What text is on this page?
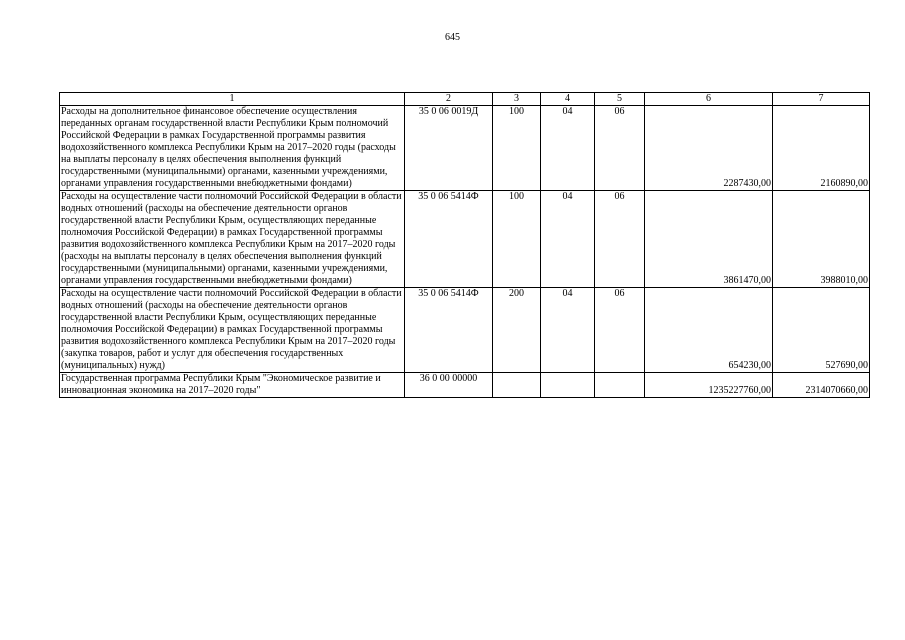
645
1	2	3	4	5	6	7
Расходы на дополнительное финансовое обеспечение осуществления переданных органам государственной власти Республики Крым полномочий Российской Федерации в рамках Государственной программы развития водохозяйственного комплекса Республики Крым на 2017–2020 годы (расходы на выплаты персоналу в целях обеспечения выполнения функций государственными (муниципальными) органами, казенными учреждениями, органами управления государственными внебюджетными фондами)	35 0 06 0019Д	100	04	06	2287430,00	2160890,00
Расходы на осуществление части полномочий Российской Федерации в области водных отношений (расходы на обеспечение деятельности органов государственной власти Республики Крым, осуществляющих переданные полномочия Российской Федерации) в рамках Государственной программы развития водохозяйственного комплекса Республики Крым на 2017–2020 годы (расходы на выплаты персоналу в целях обеспечения выполнения функций государственными (муниципальными) органами, казенными учреждениями, органами управления государственными внебюджетными фондами)	35 0 06 5414Ф	100	04	06	3861470,00	3988010,00
Расходы на осуществление части полномочий Российской Федерации в области водных отношений (расходы на обеспечение деятельности органов государственной власти Республики Крым, осуществляющих переданные полномочия Российской Федерации) в рамках Государственной программы развития водохозяйственного комплекса Республики Крым на 2017–2020 годы (закупка товаров, работ и услуг для обеспечения государственных (муниципальных) нужд)	35 0 06 5414Ф	200	04	06	654230,00	527690,00
Государственная программа Республики Крым "Экономическое развитие и инновационная экономика на 2017–2020 годы"	36 0 00 00000				1235227760,00	2314070660,00
